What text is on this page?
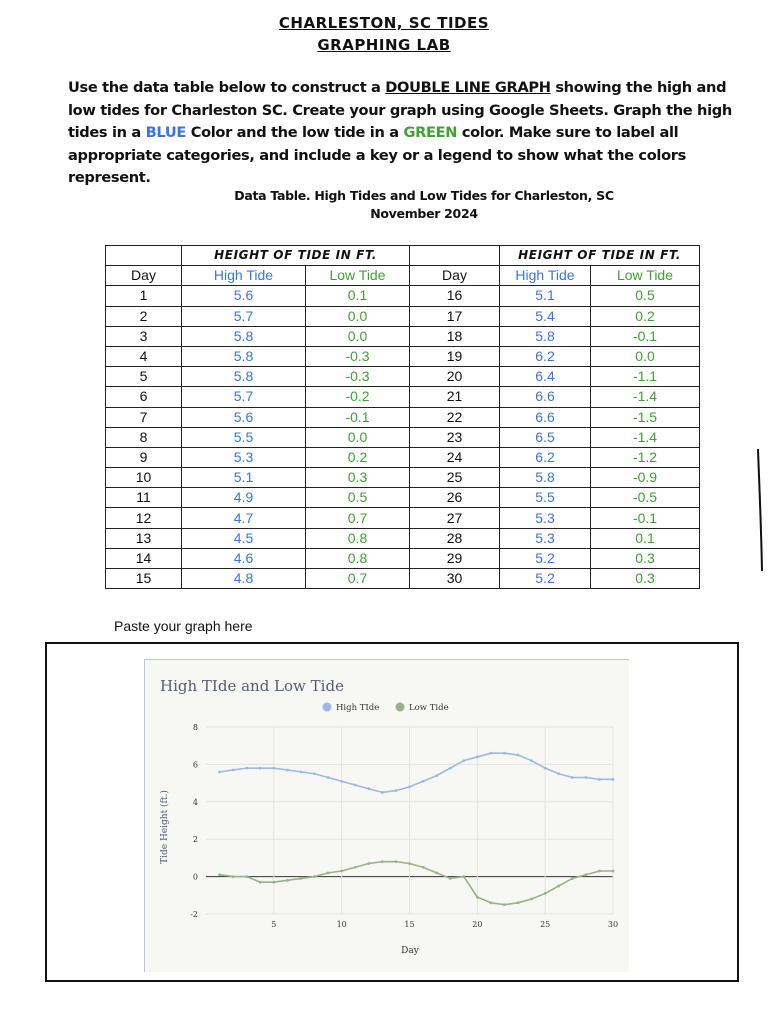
CHARLESTON, SC TIDES
GRAPHING LAB
Use the data table below to construct a DOUBLE LINE GRAPH showing the high and low tides for Charleston SC. Create your graph using Google Sheets. Graph the high tides in a BLUE Color and the low tide in a GREEN color. Make sure to label all appropriate categories, and include a key or a legend to show what the colors represent.
Data Table. High Tides and Low Tides for Charleston, SC
November 2024
	HEIGHT OF TIDE IN FT.			HEIGHT OF TIDE IN FT.	
Day	High Tide	Low Tide	Day	High Tide	Low Tide
1	5.6	0.1	16	5.1	0.5
2	5.7	0.0	17	5.4	0.2
3	5.8	0.0	18	5.8	-0.1
4	5.8	-0.3	19	6.2	0.0
5	5.8	-0.3	20	6.4	-1.1
6	5.7	-0.2	21	6.6	-1.4
7	5.6	-0.1	22	6.6	-1.5
8	5.5	0.0	23	6.5	-1.4
9	5.3	0.2	24	6.2	-1.2
10	5.1	0.3	25	5.8	-0.9
11	4.9	0.5	26	5.5	-0.5
12	4.7	0.7	27	5.3	-0.1
13	4.5	0.8	28	5.3	0.1
14	4.6	0.8	29	5.2	0.3
15	4.8	0.7	30	5.2	0.3
Paste your graph here
High TIde and Low Tide
High TIde	Low Tide
-2
0
2
4
6
8
5	10	15	20	25	30
Tide Height (ft.)
Day
